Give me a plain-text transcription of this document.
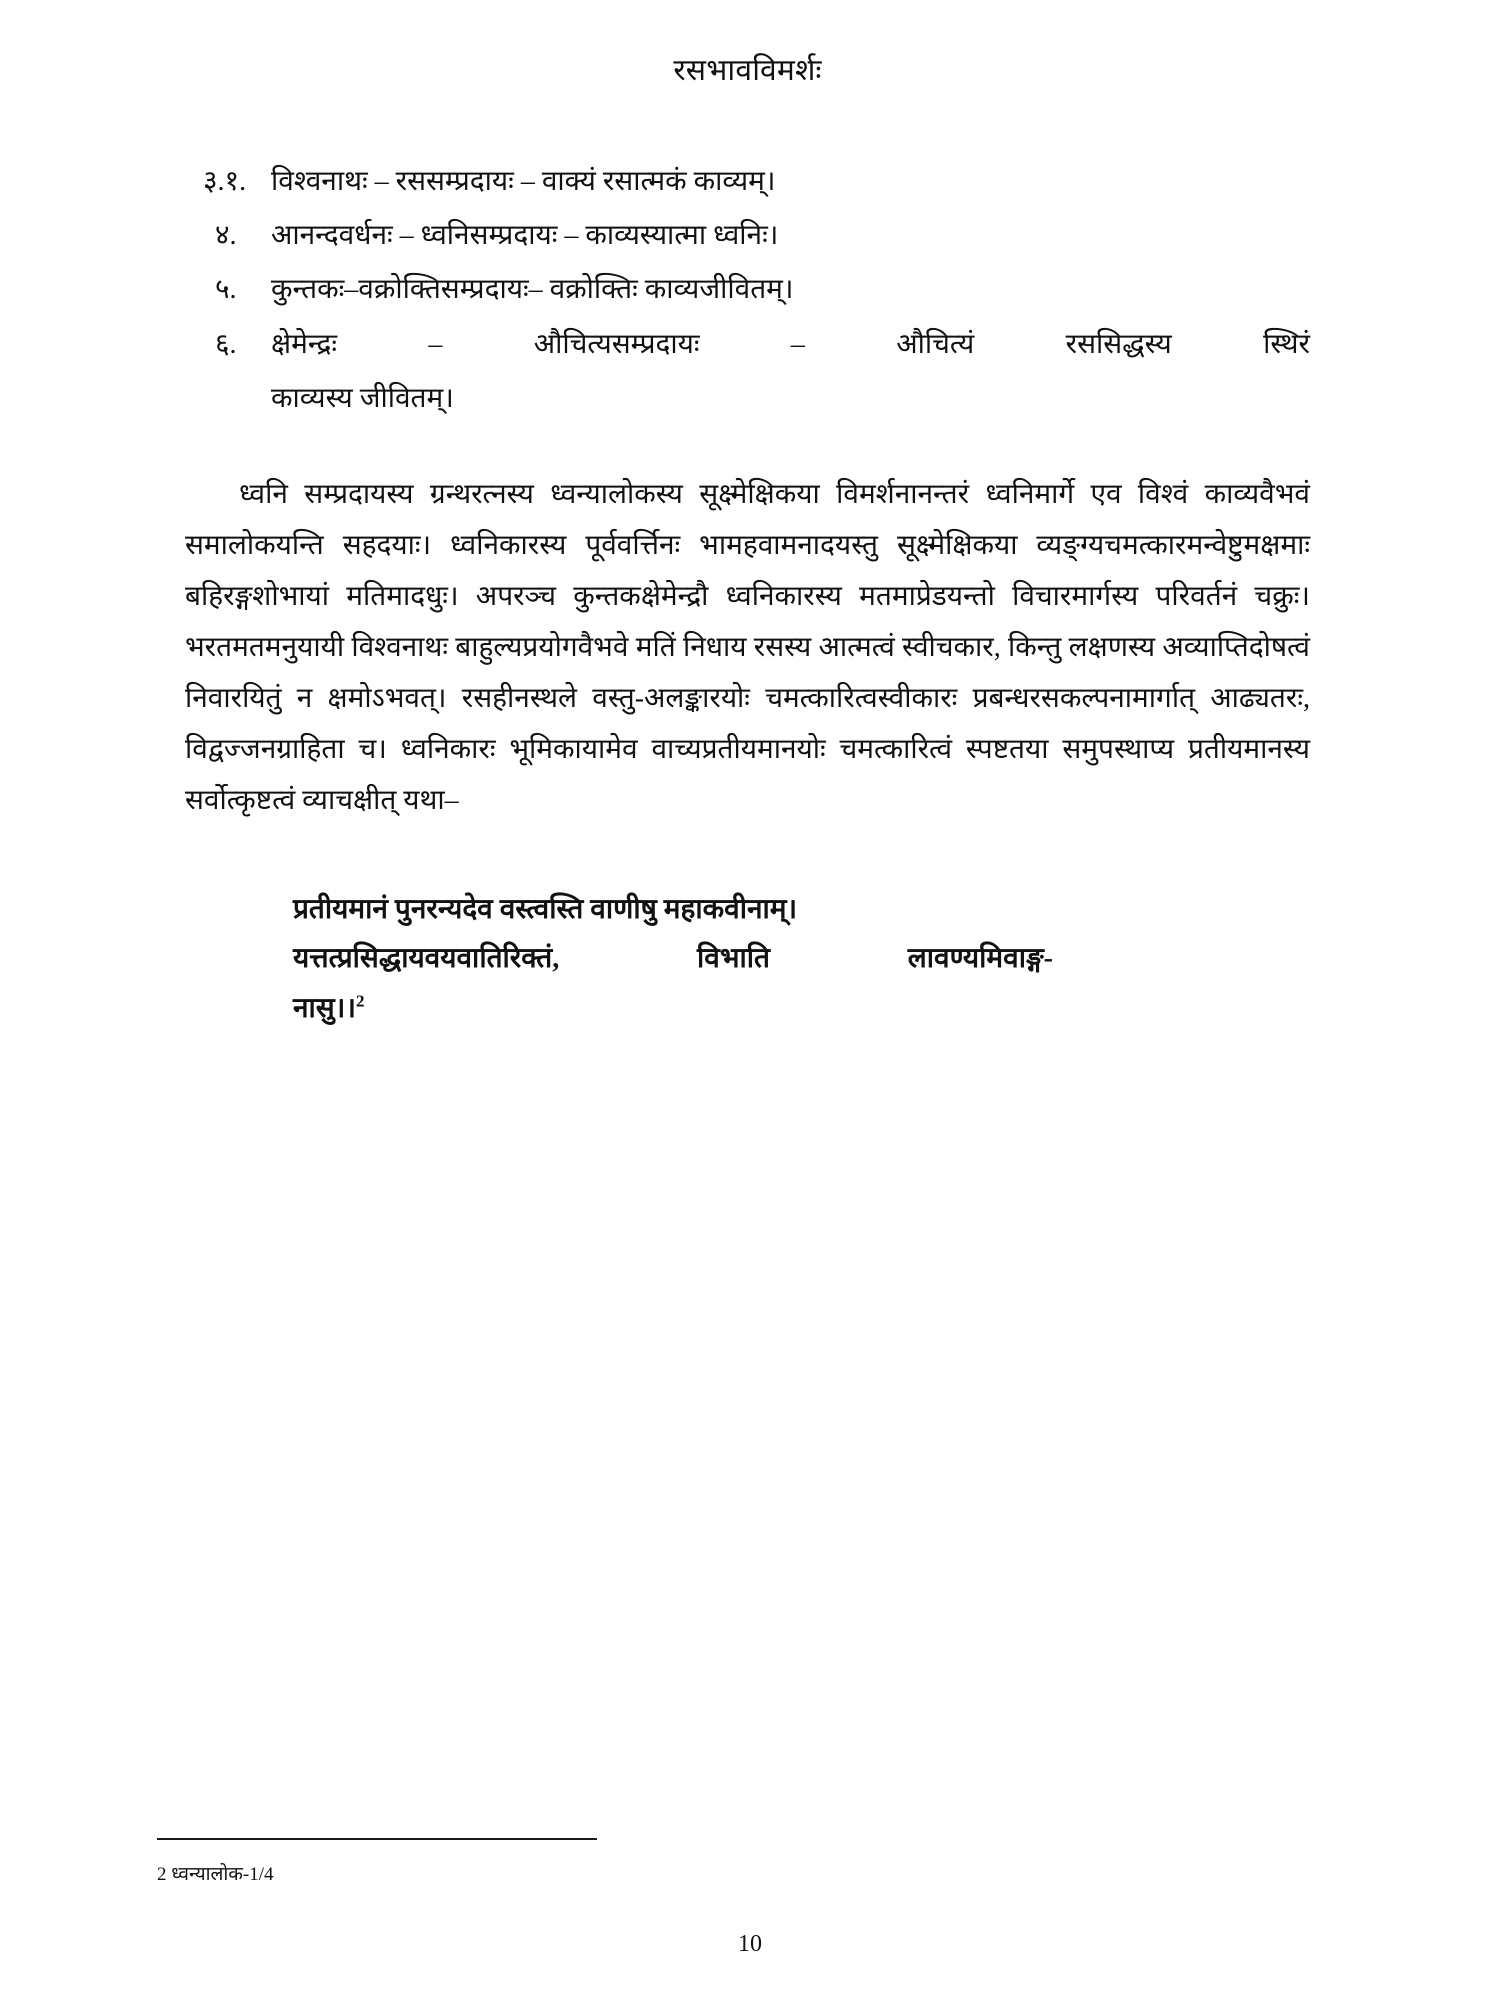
रसभावविमर्शः
३.१. विश्वनाथः – रससम्प्रदायः – वाक्यं रसात्मकं काव्यम्।
४.	आनन्दवर्धनः – ध्वनिसम्प्रदायः – काव्यस्यात्मा ध्वनिः।
५.	कुन्तकः–वक्रोक्तिसम्प्रदायः– वक्रोक्तिः काव्यजीवितम्।
६.	क्षेमेन्द्रः – औचित्यसम्प्रदायः – औचित्यं रससिद्धस्य स्थिरं
काव्यस्य जीवितम्।
ध्वनि सम्प्रदायस्य ग्रन्थरत्नस्य ध्वन्यालोकस्य सूक्ष्मेक्षिकया विमर्शनानन्तरं ध्वनिमार्गे एव विश्वं काव्यवैभवं समालोकयन्ति सहदयाः। ध्वनिकारस्य पूर्ववर्त्तिनः भामहवामनादयस्तु सूक्ष्मेक्षिकया व्यङ्ग्यचमत्कारमन्वेष्टुमक्षमाः बहिरङ्गशोभायां मतिमादधुः। अपरञ्च कुन्तकक्षेमेन्द्रौ ध्वनिकारस्य मतमाप्रेडयन्तो विचारमार्गस्य परिवर्तनं चक्रुः। भरतमतमनुयायी विश्वनाथः बाहुल्यप्रयोगवैभवे मतिं निधाय रसस्य आत्मत्वं स्वीचकार, किन्तु लक्षणस्य अव्याप्तिदोषत्वं निवारयितुं न क्षमोऽभवत्। रसहीनस्थले वस्तु-अलङ्कारयोः चमत्कारित्वस्वीकारः प्रबन्धरसकल्पनामार्गात् आढ्यतरः, विद्वज्जनग्राहिता च। ध्वनिकारः भूमिकायामेव वाच्यप्रतीयमानयोः चमत्कारित्वं स्पष्टतया समुपस्थाप्य प्रतीयमानस्य सर्वोत्कृष्टत्वं व्याचक्षीत् यथा–
प्रतीयमानं पुनरन्यदेव वस्त्वस्ति वाणीषु महाकवीनाम्।
यत्तत्प्रसिद्धायवयवातिरिक्तं, विभाति लावण्यमिवाङ्ग-
नासु।।$^2$
2 ध्वन्यालोक-1/4
10
